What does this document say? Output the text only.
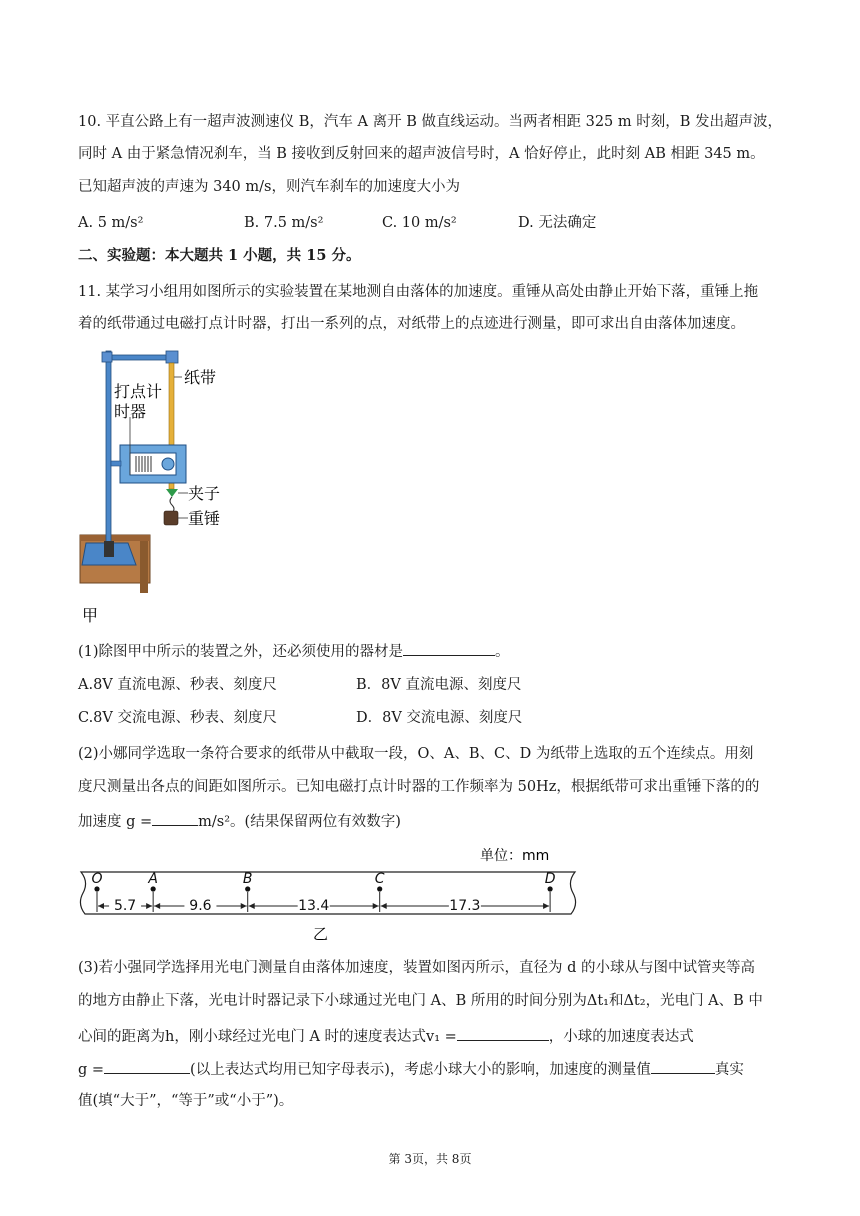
10. 平直公路上有一超声波测速仪 B，汽车 A 离开 B 做直线运动。当两者相距 325 m 时刻，B 发出超声波，
同时 A 由于紧急情况刹车，当 B 接收到反射回来的超声波信号时，A 恰好停止，此时刻 AB 相距 345 m。
已知超声波的声速为 340 m/s，则汽车刹车的加速度大小为
A. 5 m/s²	B. 7.5 m/s²	C. 10 m/s²	D. 无法确定
二、实验题：本大题共 1 小题，共 15 分。
11. 某学习小组用如图所示的实验装置在某地测自由落体的加速度。重锤从高处由静止开始下落，重锤上拖
着的纸带通过电磁打点计时器，打出一系列的点，对纸带上的点迹进行测量，即可求出自由落体加速度。
纸带
打点计
时器
夹子
重锤
甲
(1)除图甲中所示的装置之外，还必须使用的器材是	。
A.8V 直流电源、秒表、刻度尺	B．8V 直流电源、刻度尺
C.8V 交流电源、秒表、刻度尺	D．8V 交流电源、刻度尺
(2)小娜同学选取一条符合要求的纸带从中截取一段，O、A、B、C、D 为纸带上选取的五个连续点。用刻
度尺测量出各点的间距如图所示。已知电磁打点计时器的工作频率为 50Hz，根据纸带可求出重锤下落的的
加速度 g =	m/s²。(结果保留两位有效数字)
单位：mm
O	A	B	C	D
5.7	9.6	13.4	17.3
乙
(3)若小强同学选择用光电门测量自由落体加速度，装置如图丙所示，直径为 d 的小球从与图中试管夹等高
的地方由静止下落，光电计时器记录下小球通过光电门 A、B 所用的时间分别为Δt₁和Δt₂，光电门 A、B 中
心间的距离为h，刚小球经过光电门 A 时的速度表达式v₁ =	，小球的加速度表达式
g =	(以上表达式均用已知字母表示)，考虑小球大小的影响，加速度的测量值	真实
值(填“大于”，“等于”或“小于”)。
第 3页，共 8页
